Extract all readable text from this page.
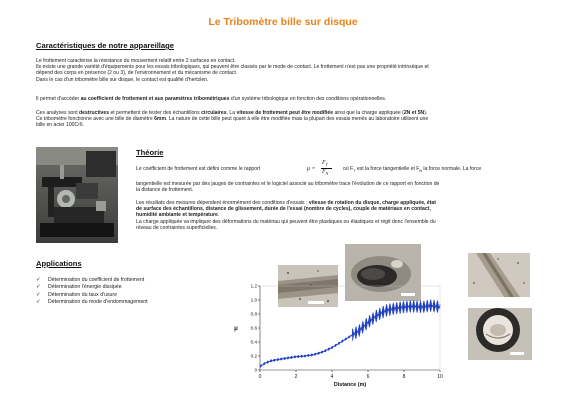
Le Tribomètre bille sur disque
Caractéristiques de notre appareillage
Le frottement caractérise la résistance du mouvement relatif entre 2 surfaces en contact.
Ils existe une grande variété d'équipements pour les essais tribologiques, qui peuvent être classés par le mode de contact. Le frottement n'est pas une propriété intrinsèque et
dépend des corps en présence (2 ou 3), de l'environnement et du mécanisme de contact.
Dans le cas d'un tribomètre bille sur disque, le contact est qualifié d'hertzien.
Il permet d'accéder au coefficient de frottement et aux paramètres tribométriques d'un système tribologique en fonction des conditions opérationnelles.
Ces analyses sont destructives et permettent de tester des échantillons circulaires. La vitesse de frottement peut être modifiée ainsi que la charge appliquée (2N et 5N).
Ce tribomètre fonctionne avec une bille de diamètre 6mm. La nature de cette bille peut quant à elle être modifiée mais la plupart des essais menés au laboratoire utilisent une
bille en acier 100Cr6.
Théorie
Le coefficient de frottement est défini comme le rapport	μ =
$F_T$
$F_N$
où $F_T$ est la force tangentielle et $F_N$ la force normale. La force
tangentielle est mesurée par des jauges de contraintes et le logiciel associé au tribomètre trace l'évolution de ce rapport en fonction de
la distance de frottement.
Les résultats des mesures dépendent énormément des conditions d'essais : vitesse de rotation du disque, charge appliquée, état
de surface des échantillons, distance de glissement, durée de l'essai (nombre de cycles), couple de matériaux en contact,
humidité ambiante et température.
La charge appliquée va impliquer des déformations du matériau qui peuvent être plastiques ou élastiques et régit donc l'ensemble du
réseau de contraintes superficielles.
Applications
✓ Détermination du coefficient de frottement
✓ Détermination l'énergie dissipée
✓ Détermination du taux d'usure
✓ Détermination du mode d'endommagement
0	2	4	6	8	10
0
0.2
0.4
0.6
0.8
1.0
1.2
Distance (m)
μ
